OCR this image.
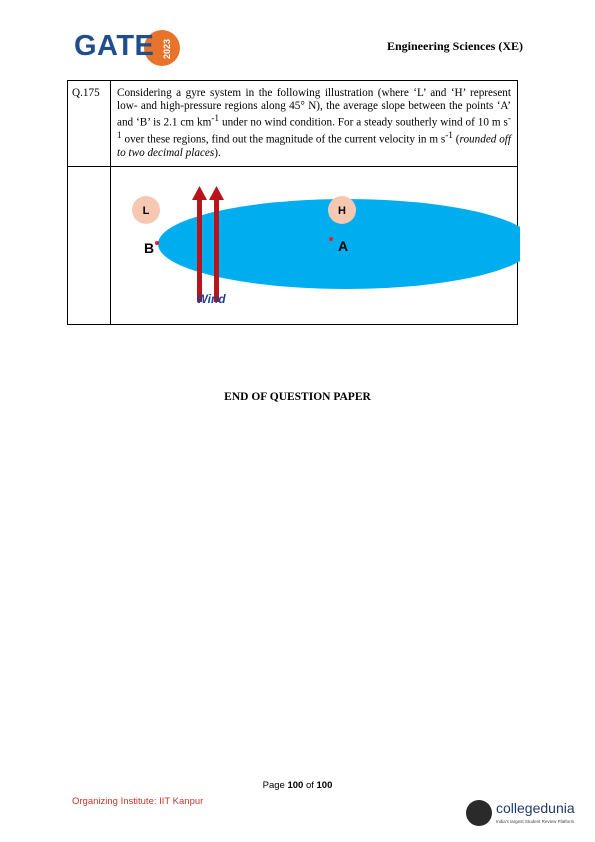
GATE 2023	Engineering Sciences (XE)
Q.175	Considering a gyre system in the following illustration (where ‘L’ and ‘H’ represent low- and high-pressure regions along 45° N), the average slope between the points ‘A’ and ‘B’ is 2.1 cm $km^{-1}$ under no wind condition. For a steady southerly wind of 10 m $s^{-1}$ over these regions, find out the magnitude of the current velocity in m $s^{-1}$ (rounded off to two decimal places).

L H
B A
Wind
END OF QUESTION PAPER
Page 100 of 100
Organizing Institute: IIT Kanpur	collegedunia
India's largest Student Review Platform
